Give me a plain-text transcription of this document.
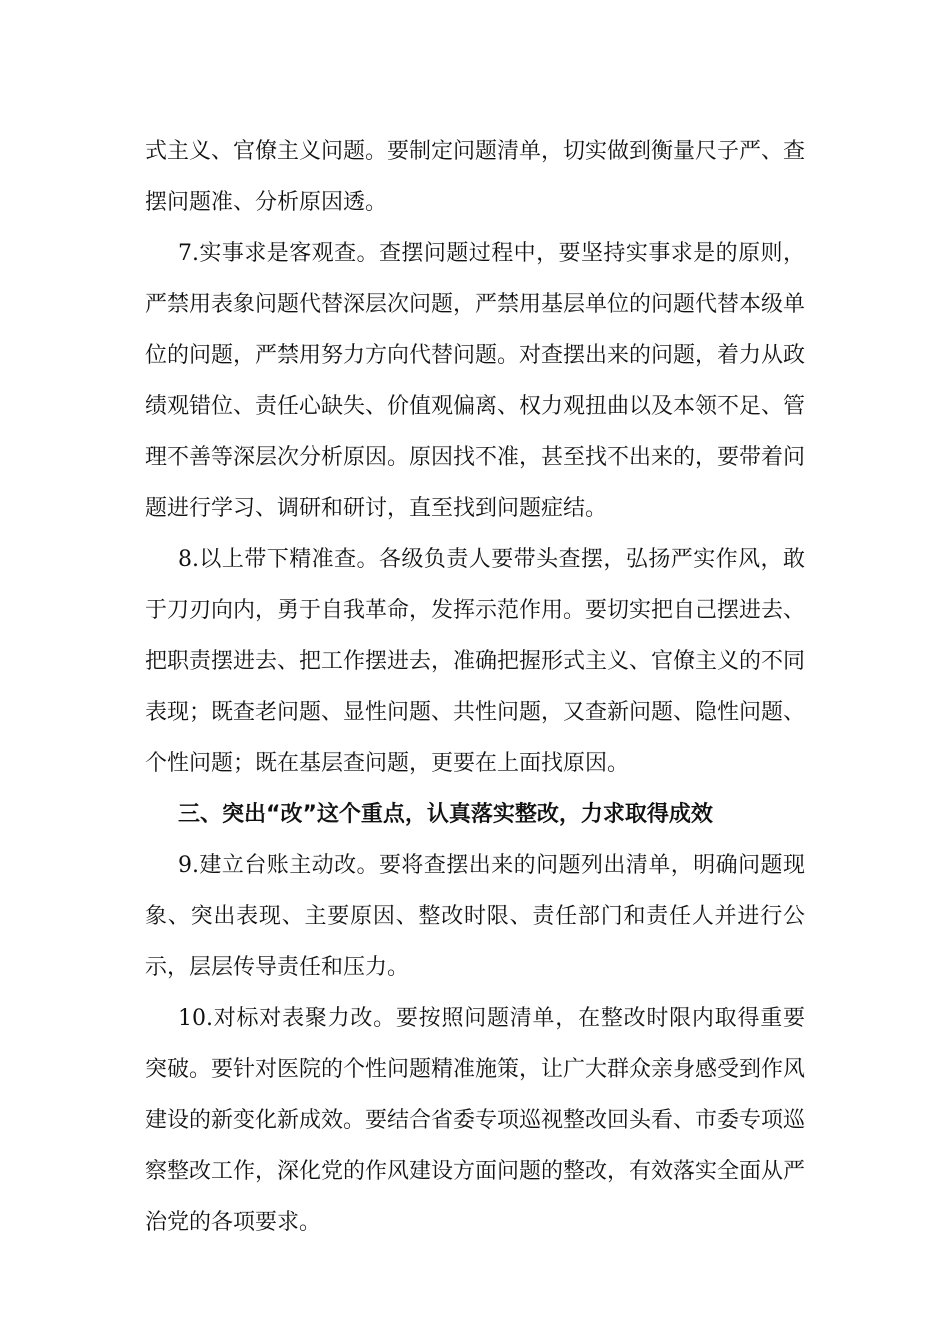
式主义、官僚主义问题。要制定问题清单，切实做到衡量尺子严、查摆问题准、分析原因透。

7.实事求是客观查。查摆问题过程中，要坚持实事求是的原则，严禁用表象问题代替深层次问题，严禁用基层单位的问题代替本级单位的问题，严禁用努力方向代替问题。对查摆出来的问题，着力从政绩观错位、责任心缺失、价值观偏离、权力观扭曲以及本领不足、管理不善等深层次分析原因。原因找不准，甚至找不出来的，要带着问题进行学习、调研和研讨，直至找到问题症结。

8.以上带下精准查。各级负责人要带头查摆，弘扬严实作风，敢于刀刃向内，勇于自我革命，发挥示范作用。要切实把自己摆进去、把职责摆进去、把工作摆进去，准确把握形式主义、官僚主义的不同表现；既查老问题、显性问题、共性问题，又查新问题、隐性问题、个性问题；既在基层查问题，更要在上面找原因。

三、突出“改”这个重点，认真落实整改，力求取得成效

9.建立台账主动改。要将查摆出来的问题列出清单，明确问题现象、突出表现、主要原因、整改时限、责任部门和责任人并进行公示，层层传导责任和压力。

10.对标对表聚力改。要按照问题清单，在整改时限内取得重要突破。要针对医院的个性问题精准施策，让广大群众亲身感受到作风建设的新变化新成效。要结合省委专项巡视整改回头看、市委专项巡察整改工作，深化党的作风建设方面问题的整改，有效落实全面从严治党的各项要求。
